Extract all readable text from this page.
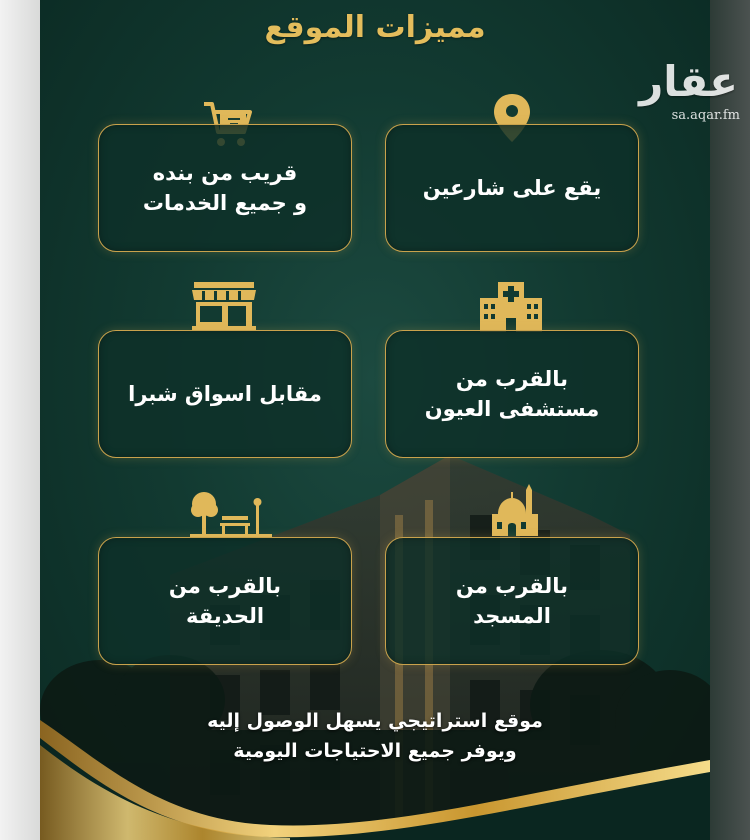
مميزات الموقع
قريب من بنده
و جميع الخدمات
يقع على شارعين
مقابل اسواق شبرا
بالقرب من
مستشفى العيون
بالقرب من
الحديقة
بالقرب من
المسجد
موقع استراتيجي يسهل الوصول إليه
ويوفر جميع الاحتياجات اليومية
عقار
sa.aqar.fm
